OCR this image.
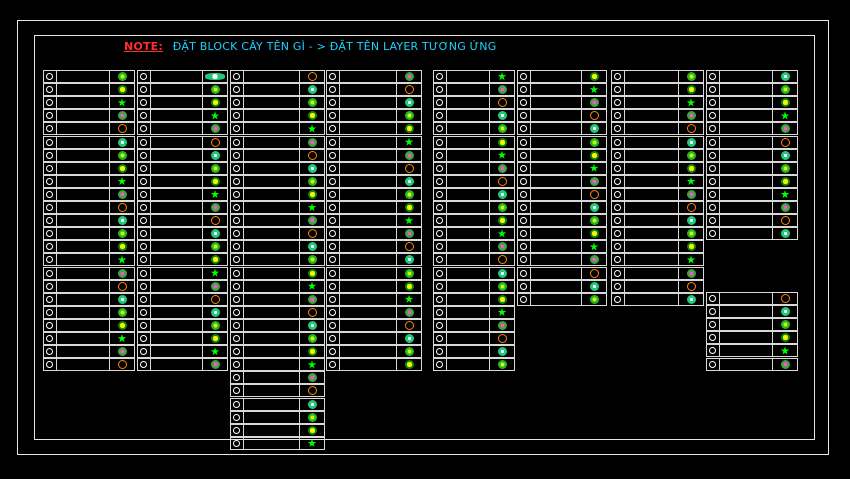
NOTE: ĐẶT BLOCK CÂY TÊN GÌ - > ĐẶT TÊN LAYER TƯƠNG ỨNG
